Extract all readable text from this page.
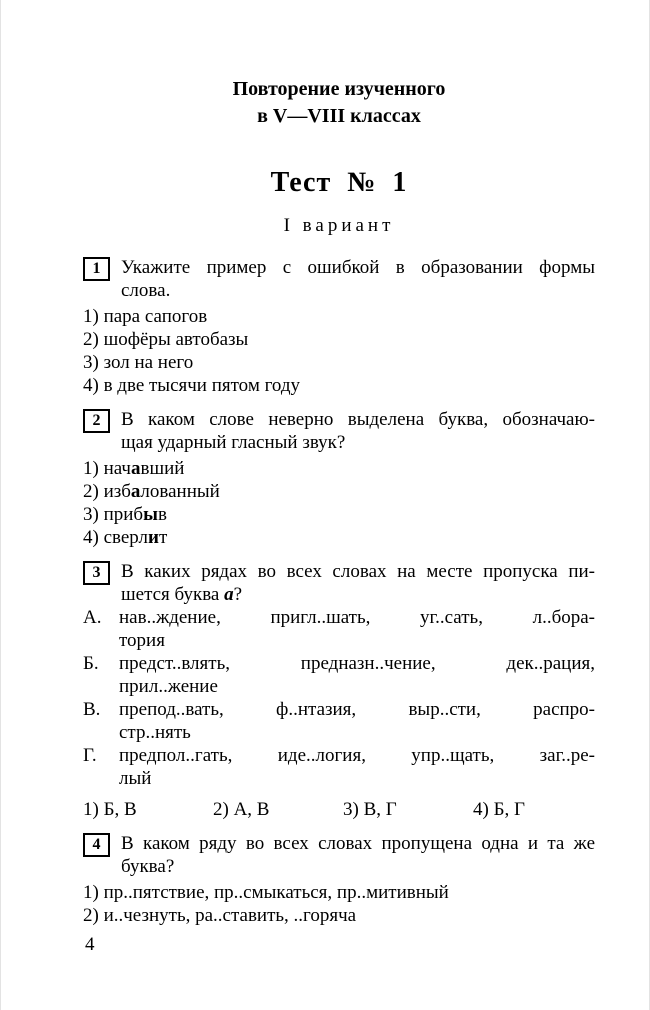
Повторение изученного
в V—VIII классах
Тест № 1
I вариант
1	Укажите пример с ошибкой в образовании формы
слова.
1) пара сапогов
2) шофёры автобазы
3) зол на него
4) в две тысячи пятом году
2	В каком слове неверно выделена буква, обозначаю-
щая ударный гласный звук?
1) начавший
2) избалованный
3) прибыв
4) сверлит
3	В каких рядах во всех словах на месте пропуска пи-
шется буква а?
А. нав..ждение, пригл..шать, уг..сать, л..бора-
тория
Б.	предст..влять, предназн..чение, дек..рация,
прил..жение
В. препод..вать, ф..нтазия, выр..сти, распро-
стр..нять
Г.	предпол..гать, иде..логия, упр..щать, заг..ре-
лый
1) Б, В	2) А, В	3) В, Г	4) Б, Г
4	В каком ряду во всех словах пропущена одна и та же
буква?
1) пр..пятствие, пр..смыкаться, пр..митивный
2) и..чезнуть, ра..ставить, ..горяча
4
